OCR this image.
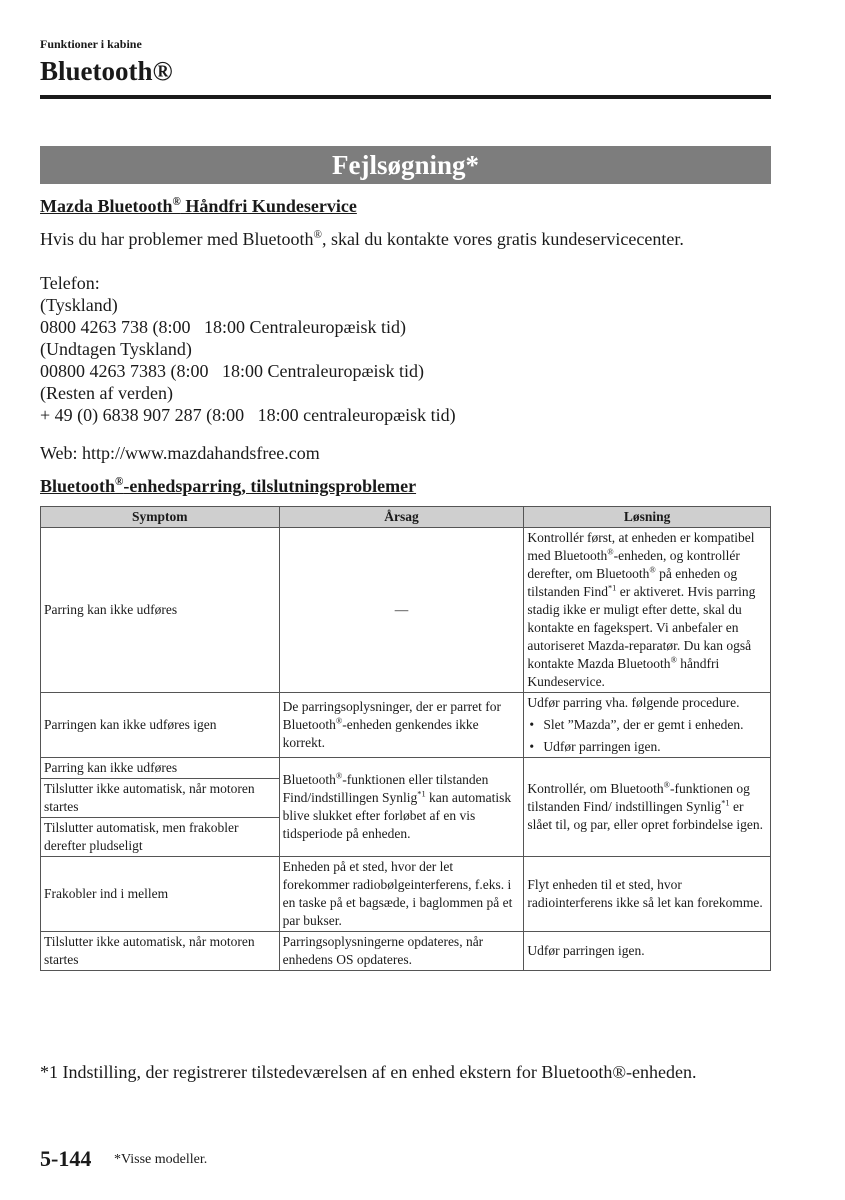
Funktioner i kabine
Bluetooth®
Fejlsøgning*
Mazda Bluetooth® Håndfri Kundeservice
Hvis du har problemer med Bluetooth®, skal du kontakte vores gratis kundeservicecenter.
Telefon:
(Tyskland)
0800 4263 738 (8:00   18:00 Centraleuropæisk tid)
(Undtagen Tyskland)
00800 4263 7383 (8:00   18:00 Centraleuropæisk tid)
(Resten af verden)
+ 49 (0) 6838 907 287 (8:00   18:00 centraleuropæisk tid)
Web: http://www.mazdahandsfree.com
Bluetooth®-enhedsparring, tilslutningsproblemer
Symptom	Årsag	Løsning
Parring kan ikke udføres	—	Kontrollér først, at enheden er kompatibel med Bluetooth®-enheden, og kontrollér derefter, om Bluetooth® på enheden og tilstanden Find$^{*1}$ er aktiveret. Hvis parring stadig ikke er muligt efter dette, skal du kontakte en fagekspert. Vi anbefaler en autoriseret Mazda-reparatør. Du kan også kontakte Mazda Bluetooth® håndfri Kundeservice.
Parringen kan ikke udføres igen	De parringsoplysninger, der er parret for Bluetooth®-enheden genkendes ikke korrekt.	Udfør parring vha. følgende procedure.
• Slet ”Mazda”, der er gemt i enheden.
• Udfør parringen igen.

Parring kan ikke udføres	Bluetooth®-funktionen eller tilstanden Find/indstillingen Synlig$^{*1}$ kan automatisk blive slukket efter forløbet af en vis tidsperiode på enheden.	Kontrollér, om Bluetooth®-funktionen og tilstanden Find/ indstillingen Synlig$^{*1}$ er slået til, og par, eller opret forbindelse igen.
Tilslutter ikke automatisk, når motoren startes		
Tilslutter automatisk, men frakobler derefter pludseligt		
Frakobler ind i mellem	Enheden på et sted, hvor der let forekommer radiobølgeinterferens, f.eks. i en taske på et bagsæde, i baglommen på et par bukser.	Flyt enheden til et sted, hvor radiointerferens ikke så let kan forekomme.
Tilslutter ikke automatisk, når motoren startes	Parringsoplysningerne opdateres, når enhedens OS opdateres.	Udfør parringen igen.
*1 Indstilling, der registrerer tilstedeværelsen af en enhed ekstern for Bluetooth®-enheden.
5-144 *Visse modeller.
